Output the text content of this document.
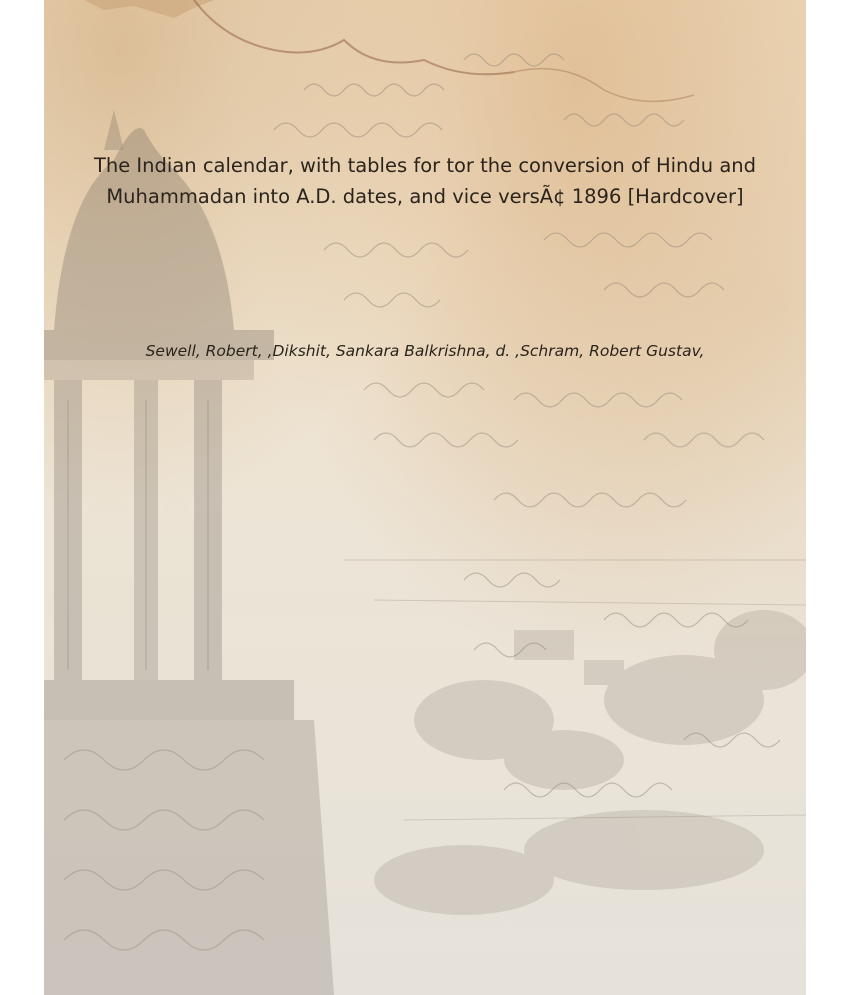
The Indian calendar, with tables for tor the conversion of Hindu and Muhammadan into A.D. dates, and vice versÃ¢ 1896 [Hardcover]

Sewell, Robert, ,Dikshit, Sankara Balkrishna, d. ,Schram, Robert Gustav,
